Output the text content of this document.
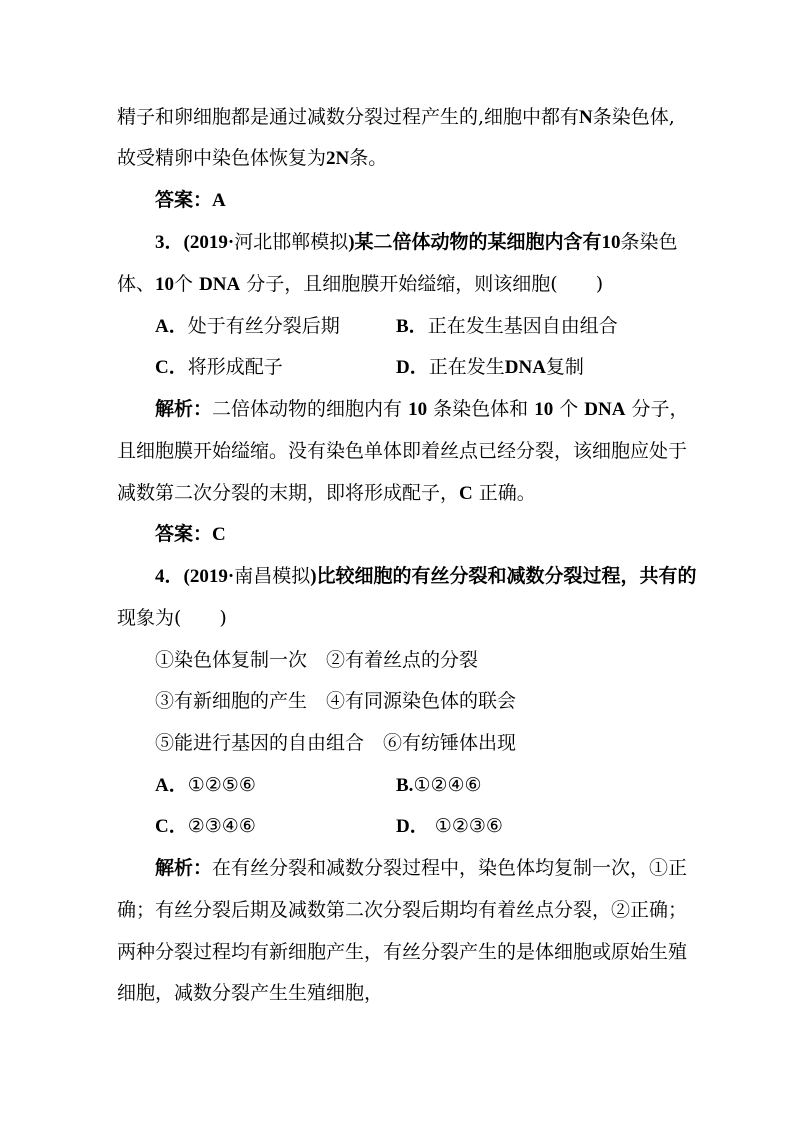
精子和卵细胞都是通过减数分裂过程产生的,细胞中都有N条染色体,

故受精卵中染色体恢复为2N条。

答案：A

3．(2019·河北邯郸模拟)某二倍体动物的某细胞内含有10条染色

体、10个 DNA 分子，且细胞膜开始缢缩，则该细胞(　　)

A．处于有丝分裂后期	B．正在发生基因自由组合
C．将形成配子	D．正在发生DNA复制

解析：二倍体动物的细胞内有 10 条染色体和 10 个 DNA 分子，

且细胞膜开始缢缩。没有染色单体即着丝点已经分裂，该细胞应处于

减数第二次分裂的末期，即将形成配子，C 正确。

答案：C

4．(2019·南昌模拟)比较细胞的有丝分裂和减数分裂过程，共有的

现象为(　　)

①染色体复制一次　②有着丝点的分裂

③有新细胞的产生　④有同源染色体的联会

⑤能进行基因的自由组合　⑥有纺锤体出现

A．①②⑤⑥	B.①②④⑥
C．②③④⑥	D． ①②③⑥

解析：在有丝分裂和减数分裂过程中，染色体均复制一次，①正

确；有丝分裂后期及减数第二次分裂后期均有着丝点分裂，②正确；

两种分裂过程均有新细胞产生，有丝分裂产生的是体细胞或原始生殖

细胞，减数分裂产生生殖细胞，
